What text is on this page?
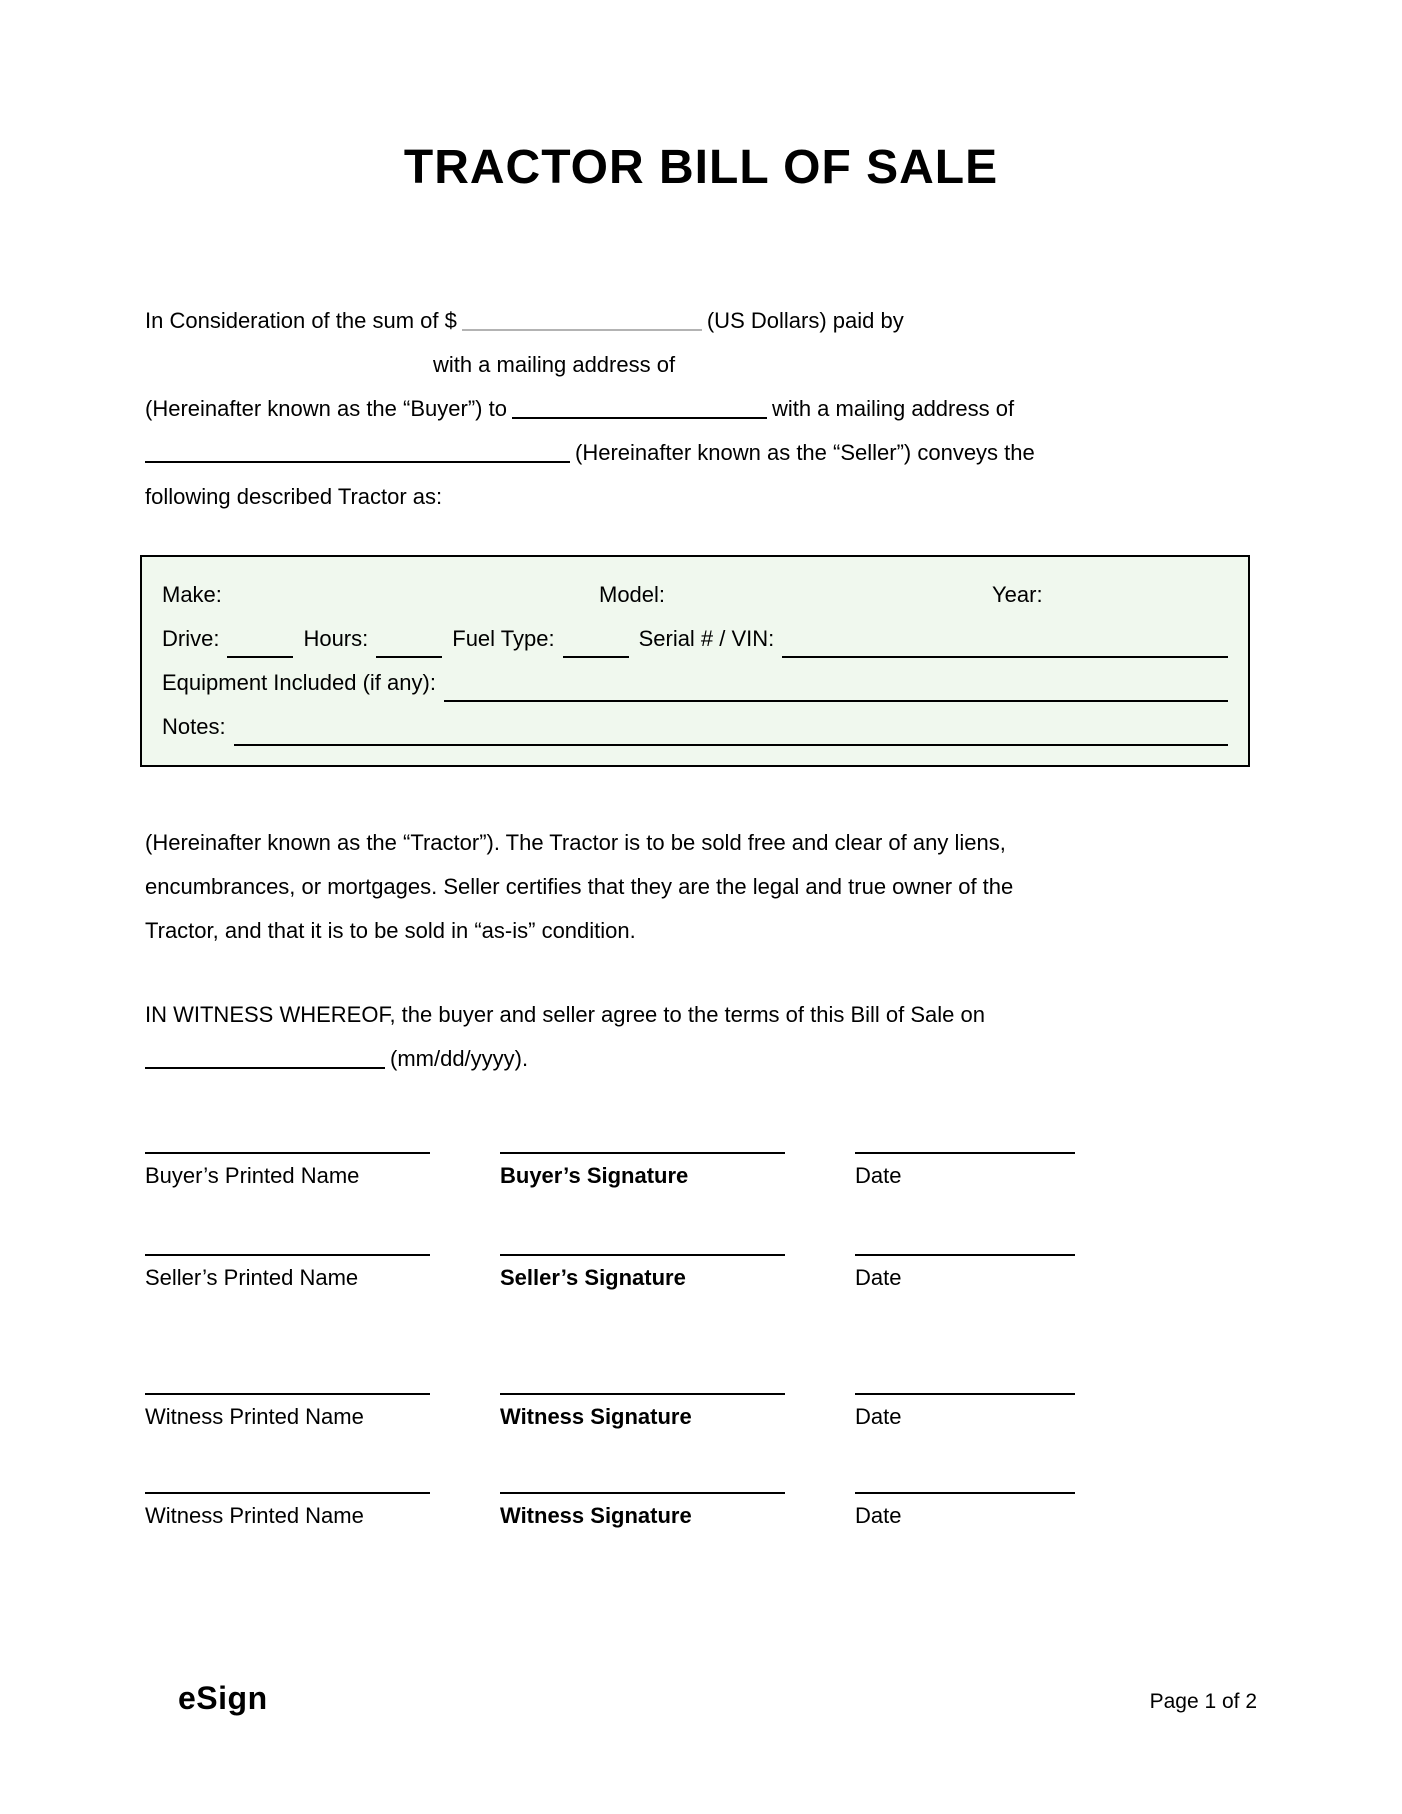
TRACTOR BILL OF SALE
In Consideration of the sum of $	(US Dollars) paid by
with a mailing address of
(Hereinafter known as the “Buyer”) to	with a mailing address of
(Hereinafter known as the “Seller”) conveys the
following described Tractor as:
Make:	Model:	Year:
Drive:	Hours:	Fuel Type:	Serial # / VIN:
Equipment Included (if any):
Notes:
(Hereinafter known as the “Tractor”). The Tractor is to be sold free and clear of any liens,
encumbrances, or mortgages. Seller certifies that they are the legal and true owner of the
Tractor, and that it is to be sold in “as-is” condition.
IN WITNESS WHEREOF, the buyer and seller agree to the terms of this Bill of Sale on
(mm/dd/yyyy).
Buyer’s Printed Name	Buyer’s Signature	Date
Seller’s Printed Name	Seller’s Signature	Date
Witness Printed Name	Witness Signature	Date
Witness Printed Name	Witness Signature	Date
eSign	Page 1 of 2
